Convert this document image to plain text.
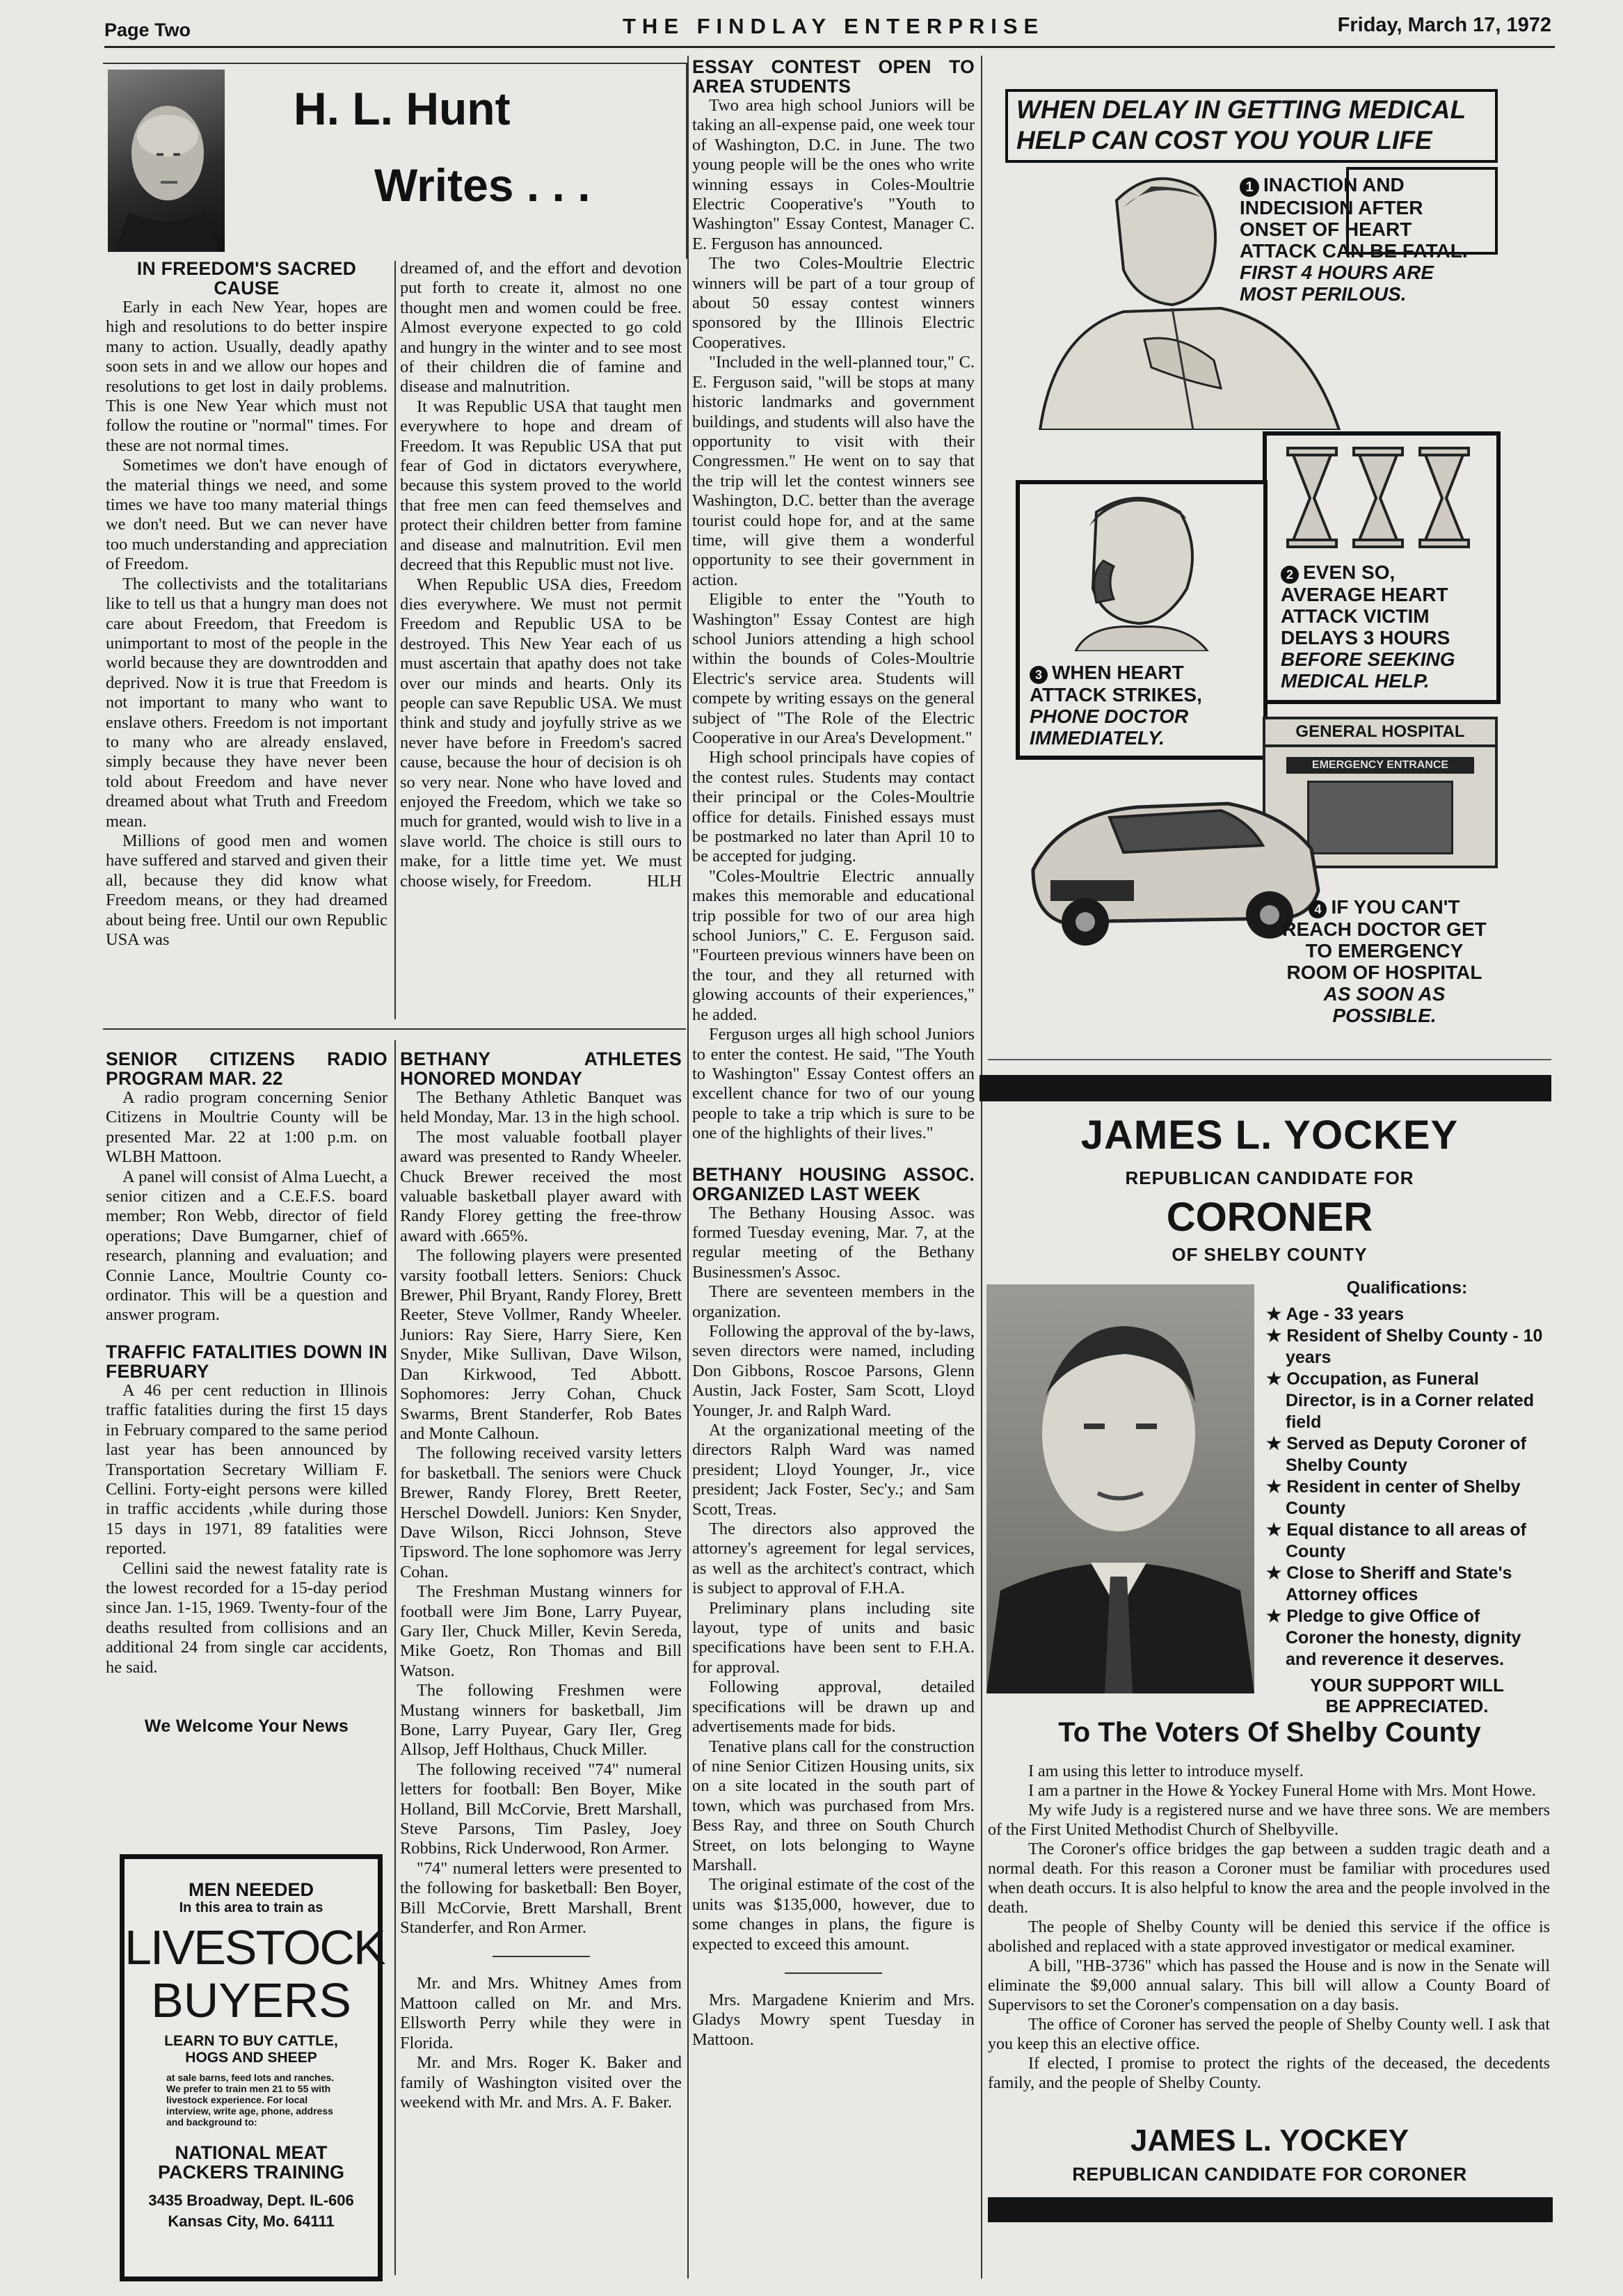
Page Two	THE FINDLAY ENTERPRISE	Friday, March 17, 1972
H. L. Hunt
Writes . . .

IN FREEDOM'S SACRED CAUSE

Early in each New Year, hopes are high and resolutions to do better inspire many to action. Usually, deadly apathy soon sets in and we allow our hopes and resolutions to get lost in daily problems. This is one New Year which must not follow the routine or "normal" times. For these are not normal times.

Sometimes we don't have enough of the material things we need, and some times we have too many material things we don't need. But we can never have too much understanding and appreciation of Freedom.

The collectivists and the totalitarians like to tell us that a hungry man does not care about Freedom, that Freedom is unimportant to most of the people in the world because they are downtrodden and deprived. Now it is true that Freedom is not important to many who want to enslave others. Freedom is not important to many who are already enslaved, simply because they have never been told about Freedom and have never dreamed about what Truth and Freedom mean.

Millions of good men and women have suffered and starved and given their all, because they did know what Freedom means, or they had dreamed about being free. Until our own Republic USA was

dreamed of, and the effort and devotion put forth to create it, almost no one thought men and women could be free. Almost everyone expected to go cold and hungry in the winter and to see most of their children die of famine and disease and malnutrition.

It was Republic USA that taught men everywhere to hope and dream of Freedom. It was Republic USA that put fear of God in dictators everywhere, because this system proved to the world that free men can feed themselves and protect their children better from famine and disease and malnutrition. Evil men decreed that this Republic must not live.

When Republic USA dies, Freedom dies everywhere. We must not permit Freedom and Republic USA to be destroyed. This New Year each of us must ascertain that apathy does not take over our minds and hearts. Only its people can save Republic USA. We must think and study and joyfully strive as we never have before in Freedom's sacred cause, because the hour of decision is oh so very near. None who have loved and enjoyed the Freedom, which we take so much for granted, would wish to live in a slave world. The choice is still ours to make, for a little time yet. We must choose wisely, for Freedom.	HLH

SENIOR CITIZENS RADIO PROGRAM MAR. 22

A radio program concerning Senior Citizens in Moultrie County will be presented Mar. 22 at 1:00 p.m. on WLBH Mattoon.

A panel will consist of Alma Luecht, a senior citizen and a C.E.F.S. board member; Ron Webb, director of field operations; Dave Bumgarner, chief of research, planning and evaluation; and Connie Lance, Moultrie County co-ordinator. This will be a question and answer program.

TRAFFIC FATALITIES DOWN IN FEBRUARY

A 46 per cent reduction in Illinois traffic fatalities during the first 15 days in February compared to the same period last year has been announced by Transportation Secretary William F. Cellini. Forty-eight persons were killed in traffic accidents ,while during those 15 days in 1971, 89 fatalities were reported.

Cellini said the newest fatality rate is the lowest recorded for a 15-day period since Jan. 1-15, 1969. Twenty-four of the deaths resulted from collisions and an additional 24 from single car accidents, he said.

We Welcome Your News

MEN NEEDED
In this area to train as
LIVESTOCK
BUYERS
LEARN TO BUY CATTLE, HOGS AND SHEEP
at sale barns, feed lots and ranches. We prefer to train men 21 to 55 with livestock experience. For local interview, write age, phone, address and background to:
NATIONAL MEAT
PACKERS TRAINING
3435 Broadway, Dept. IL-606
Kansas City, Mo. 64111

BETHANY ATHLETES HONORED MONDAY

The Bethany Athletic Banquet was held Monday, Mar. 13 in the high school.

The most valuable football player award was presented to Randy Wheeler. Chuck Brewer received the most valuable basketball player award with Randy Florey getting the free-throw award with .665%.

The following players were presented varsity football letters. Seniors: Chuck Brewer, Phil Bryant, Randy Florey, Brett Reeter, Steve Vollmer, Randy Wheeler. Juniors: Ray Siere, Harry Siere, Ken Snyder, Mike Sullivan, Dave Wilson, Dan Kirkwood, Ted Abbott. Sophomores: Jerry Cohan, Chuck Swarms, Brent Standerfer, Rob Bates and Monte Calhoun.

The following received varsity letters for basketball. The seniors were Chuck Brewer, Randy Florey, Brett Reeter, Herschel Dowdell. Juniors: Ken Snyder, Dave Wilson, Ricci Johnson, Steve Tipsword. The lone sophomore was Jerry Cohan.

The Freshman Mustang winners for football were Jim Bone, Larry Puyear, Gary Iler, Chuck Miller, Kevin Sereda, Mike Goetz, Ron Thomas and Bill Watson.

The following Freshmen were Mustang winners for basketball, Jim Bone, Larry Puyear, Gary Iler, Greg Allsop, Jeff Holthaus, Chuck Miller.

The following received "74" numeral letters for football: Ben Boyer, Mike Holland, Bill McCorvie, Brett Marshall, Steve Parsons, Tim Pasley, Joey Robbins, Rick Underwood, Ron Armer.

"74" numeral letters were presented to the following for basketball: Ben Boyer, Bill McCorvie, Brett Marshall, Brent Standerfer, and Ron Armer.

Mr. and Mrs. Whitney Ames from Mattoon called on Mr. and Mrs. Ellsworth Perry while they were in Florida.

Mr. and Mrs. Roger K. Baker and family of Washington visited over the weekend with Mr. and Mrs. A. F. Baker.

ESSAY CONTEST OPEN TO AREA STUDENTS

Two area high school Juniors will be taking an all-expense paid, one week tour of Washington, D.C. in June. The two young people will be the ones who write winning essays in Coles-Moultrie Electric Cooperative's "Youth to Washington" Essay Contest, Manager C. E. Ferguson has announced.

The two Coles-Moultrie Electric winners will be part of a tour group of about 50 essay contest winners sponsored by the Illinois Electric Cooperatives.

"Included in the well-planned tour," C. E. Ferguson said, "will be stops at many historic landmarks and government buildings, and students will also have the opportunity to visit with their Congressmen." He went on to say that the trip will let the contest winners see Washington, D.C. better than the average tourist could hope for, and at the same time, will give them a wonderful opportunity to see their government in action.

Eligible to enter the "Youth to Washington" Essay Contest are high school Juniors attending a high school within the bounds of Coles-Moultrie Electric's service area. Students will compete by writing essays on the general subject of "The Role of the Electric Cooperative in our Area's Development."

High school principals have copies of the contest rules. Students may contact their principal or the Coles-Moultrie office for details. Finished essays must be postmarked no later than April 10 to be accepted for judging.

"Coles-Moultrie Electric annually makes this memorable and educational trip possible for two of our area high school Juniors," C. E. Ferguson said. "Fourteen previous winners have been on the tour, and they all returned with glowing accounts of their experiences," he added.

Ferguson urges all high school Juniors to enter the contest. He said, "The Youth to Washington" Essay Contest offers an excellent chance for two of our young people to take a trip which is sure to be one of the highlights of their lives."

BETHANY HOUSING ASSOC. ORGANIZED LAST WEEK

The Bethany Housing Assoc. was formed Tuesday evening, Mar. 7, at the regular meeting of the Bethany Businessmen's Assoc.

There are seventeen members in the organization.

Following the approval of the by-laws, seven directors were named, including Don Gibbons, Roscoe Parsons, Glenn Austin, Jack Foster, Sam Scott, Lloyd Younger, Jr. and Ralph Ward.

At the organizational meeting of the directors Ralph Ward was named president; Lloyd Younger, Jr., vice president; Jack Foster, Sec'y.; and Sam Scott, Treas.

The directors also approved the attorney's agreement for legal services, as well as the architect's contract, which is subject to approval of F.H.A.

Preliminary plans including site layout, type of units and basic specifications have been sent to F.H.A. for approval.

Following approval, detailed specifications will be drawn up and advertisements made for bids.

Tenative plans call for the construction of nine Senior Citizen Housing units, six on a site located in the south part of town, which was purchased from Mrs. Bess Ray, and three on South Church Street, on lots belonging to Wayne Marshall.

The original estimate of the cost of the units was $135,000, however, due to some changes in plans, the figure is expected to exceed this amount.

Mrs. Margadene Knierim and Mrs. Gladys Mowry spent Tuesday in Mattoon.

WHEN DELAY IN GETTING MEDICAL
HELP CAN COST YOU YOUR LIFE
1 INACTION AND INDECISION AFTER ONSET OF HEART ATTACK CAN BE FATAL.
FIRST 4 HOURS ARE MOST PERILOUS.
2 EVEN SO, AVERAGE HEART ATTACK VICTIM DELAYS 3 HOURS
BEFORE SEEKING MEDICAL HELP.
3 WHEN HEART ATTACK STRIKES,
PHONE DOCTOR IMMEDIATELY.	GENERAL HOSPITAL
EMERGENCY ENTRANCE
4 IF YOU CAN'T REACH DOCTOR GET TO EMERGENCY ROOM OF HOSPITAL
AS SOON AS POSSIBLE.
JAMES L. YOCKEY
REPUBLICAN CANDIDATE FOR
CORONER
OF SHELBY COUNTY
Qualifications:

★ Age - 33 years

★ Resident of Shelby County - 10 years

★ Occupation, as Funeral Director, is in a Corner related field

★ Served as Deputy Coroner of Shelby County

★ Resident in center of Shelby County

★ Equal distance to all areas of County

★ Close to Sheriff and State's Attorney offices

★ Pledge to give Office of Coroner the honesty, dignity and reverence it deserves.

YOUR SUPPORT WILL
BE APPRECIATED.
To The Voters Of Shelby County

I am using this letter to introduce myself.

I am a partner in the Howe & Yockey Funeral Home with Mrs. Mont Howe.

My wife Judy is a registered nurse and we have three sons. We are members of the First United Methodist Church of Shelbyville.

The Coroner's office bridges the gap between a sudden tragic death and a normal death. For this reason a Coroner must be familiar with procedures used when death occurs. It is also helpful to know the area and the people involved in the death.

The people of Shelby County will be denied this service if the office is abolished and replaced with a state approved investigator or medical examiner.

A bill, "HB-3736" which has passed the House and is now in the Senate will eliminate the $9,000 annual salary. This bill will allow a County Board of Supervisors to set the Coroner's compensation on a day basis.

The office of Coroner has served the people of Shelby County well. I ask that you keep this an elective office.

If elected, I promise to protect the rights of the deceased, the decedents family, and the people of Shelby County.

JAMES L. YOCKEY
REPUBLICAN CANDIDATE FOR CORONER
